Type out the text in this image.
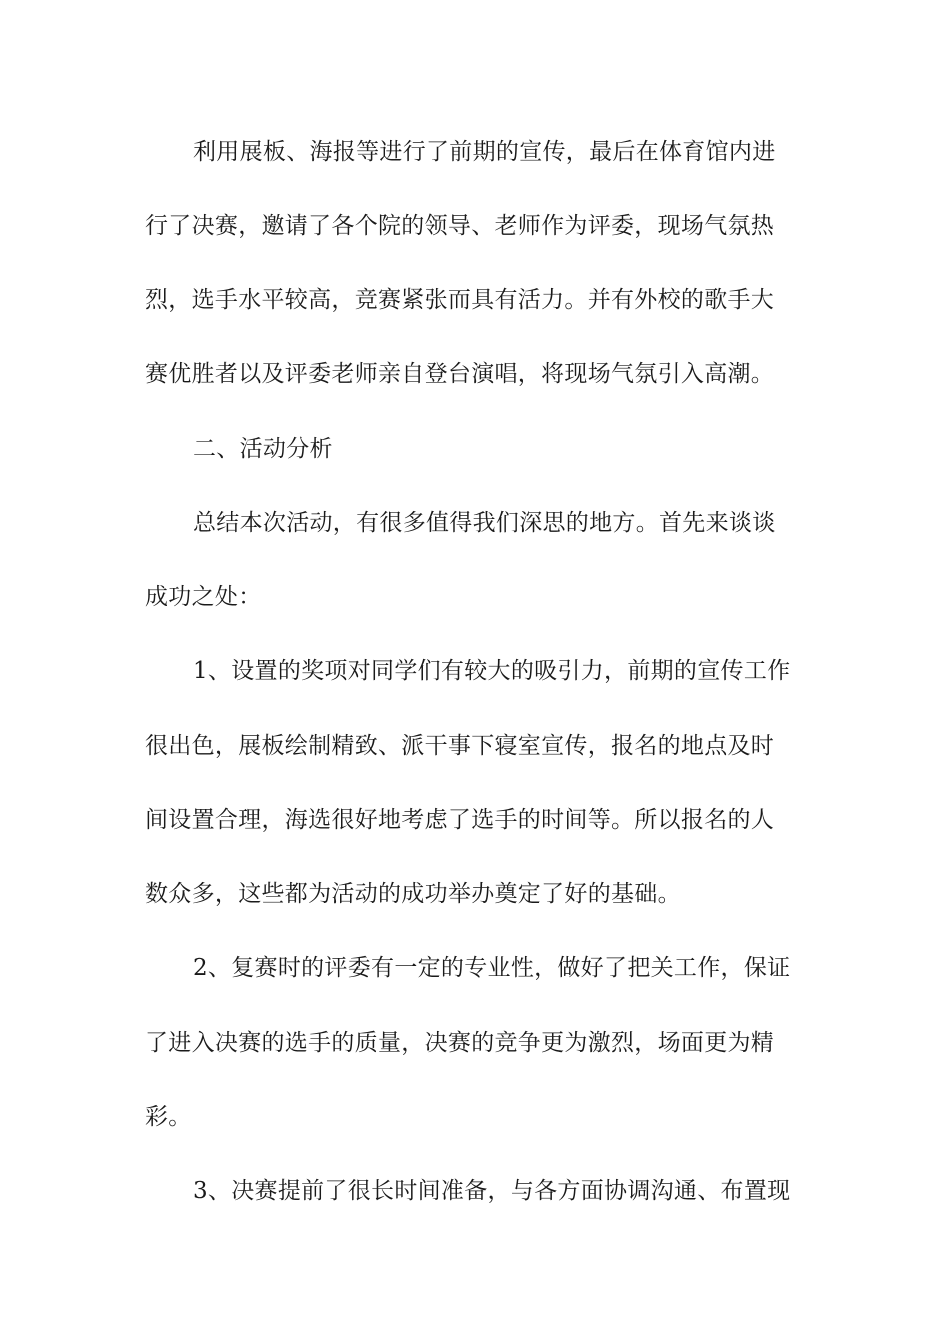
利用展板、海报等进行了前期的宣传，最后在体育馆内进
行了决赛，邀请了各个院的领导、老师作为评委，现场气氛热
烈，选手水平较高，竞赛紧张而具有活力。并有外校的歌手大
赛优胜者以及评委老师亲自登台演唱，将现场气氛引入高潮。
二、活动分析
总结本次活动，有很多值得我们深思的地方。首先来谈谈
成功之处：
1、设置的奖项对同学们有较大的吸引力，前期的宣传工作
很出色，展板绘制精致、派干事下寝室宣传，报名的地点及时
间设置合理，海选很好地考虑了选手的时间等。所以报名的人
数众多，这些都为活动的成功举办奠定了好的基础。
2、复赛时的评委有一定的专业性，做好了把关工作，保证
了进入决赛的选手的质量，决赛的竞争更为激烈，场面更为精
彩。
3、决赛提前了很长时间准备，与各方面协调沟通、布置现
